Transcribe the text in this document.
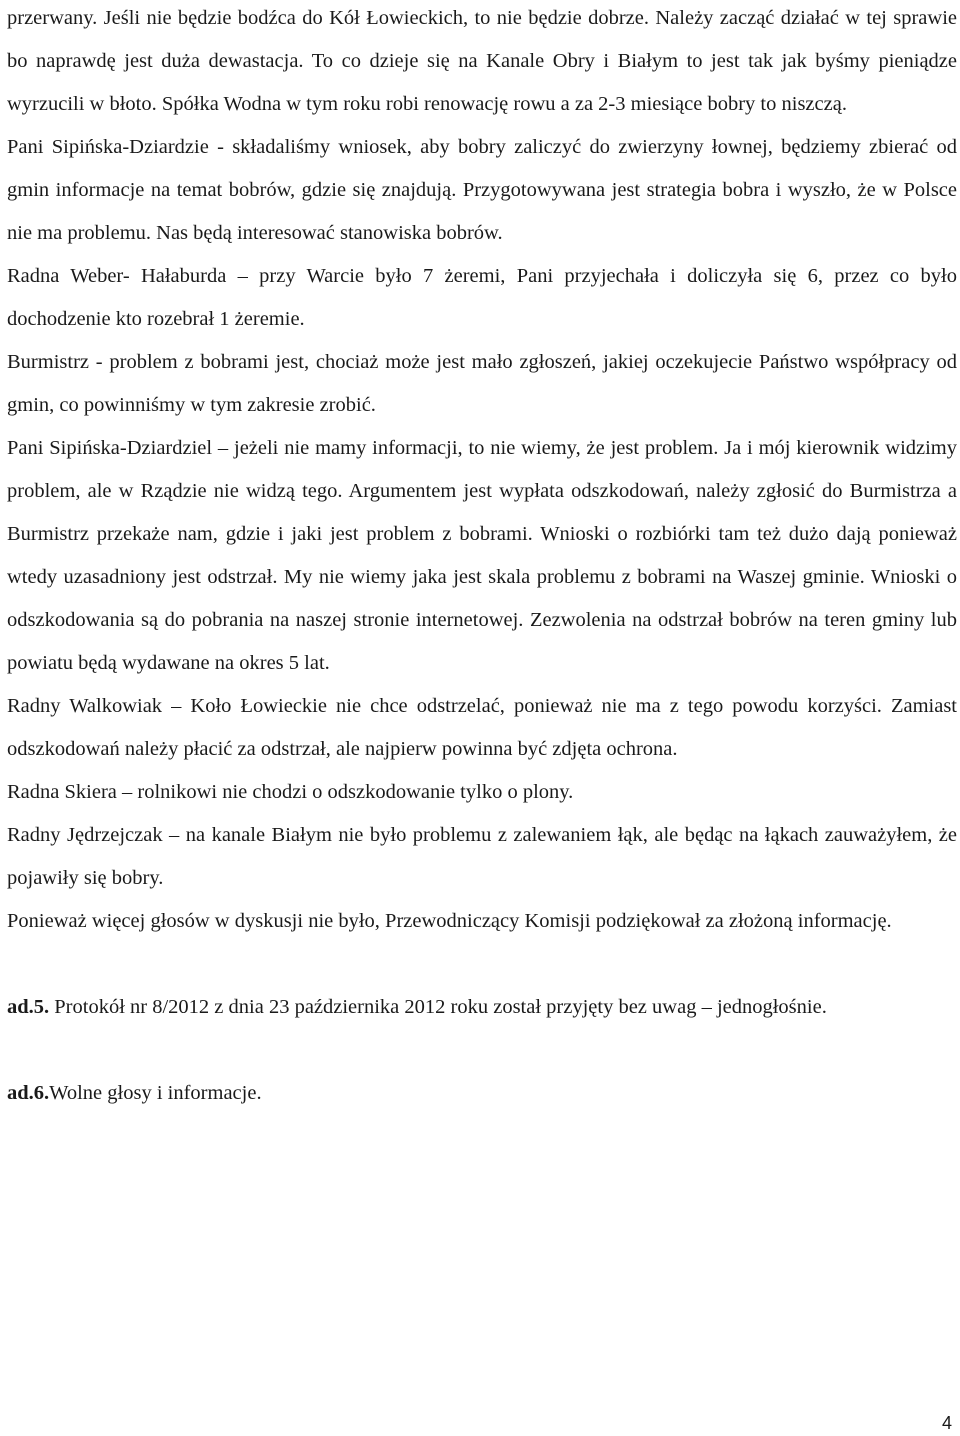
przerwany. Jeśli nie będzie bodźca do Kół Łowieckich, to nie będzie dobrze. Należy zacząć działać w tej sprawie bo naprawdę jest duża dewastacja. To co dzieje się na Kanale Obry i Białym to jest tak jak byśmy pieniądze wyrzucili w błoto. Spółka Wodna w tym roku robi renowację rowu a za 2-3 miesiące bobry to niszczą.

Pani Sipińska-Dziardzie - składaliśmy wniosek, aby bobry zaliczyć do zwierzyny łownej, będziemy zbierać od gmin informacje na temat bobrów, gdzie się znajdują. Przygotowywana jest strategia bobra i wyszło, że w Polsce nie ma problemu. Nas będą interesować stanowiska bobrów.

Radna Weber- Hałaburda – przy Warcie było 7 żeremi, Pani przyjechała i doliczyła się 6, przez co było dochodzenie kto rozebrał 1 żeremie.

Burmistrz - problem z bobrami jest, chociaż może jest mało zgłoszeń, jakiej oczekujecie Państwo współpracy od gmin, co powinniśmy w tym zakresie zrobić.

Pani Sipińska-Dziardziel – jeżeli nie mamy informacji, to nie wiemy, że jest problem. Ja i mój kierownik widzimy problem, ale w Rządzie nie widzą tego. Argumentem jest wypłata odszkodowań, należy zgłosić do Burmistrza a Burmistrz przekaże nam, gdzie i jaki jest problem z bobrami. Wnioski o rozbiórki tam też dużo dają ponieważ wtedy uzasadniony jest odstrzał. My nie wiemy jaka jest skala problemu z bobrami na Waszej gminie. Wnioski o odszkodowania są do pobrania na naszej stronie internetowej. Zezwolenia na odstrzał bobrów na teren gminy lub powiatu będą wydawane na okres 5 lat.

Radny Walkowiak – Koło Łowieckie nie chce odstrzelać, ponieważ nie ma z tego powodu korzyści. Zamiast odszkodowań należy płacić za odstrzał, ale najpierw powinna być zdjęta ochrona.

Radna Skiera – rolnikowi nie chodzi o odszkodowanie tylko o plony.

Radny Jędrzejczak – na kanale Białym nie było problemu z zalewaniem łąk, ale będąc na łąkach zauważyłem, że pojawiły się bobry.

Ponieważ więcej głosów w dyskusji nie było, Przewodniczący Komisji podziękował za złożoną informację.

ad.5. Protokół nr 8/2012 z dnia 23 października 2012 roku został przyjęty bez uwag – jednogłośnie.

ad.6.Wolne głosy i informacje.

4
